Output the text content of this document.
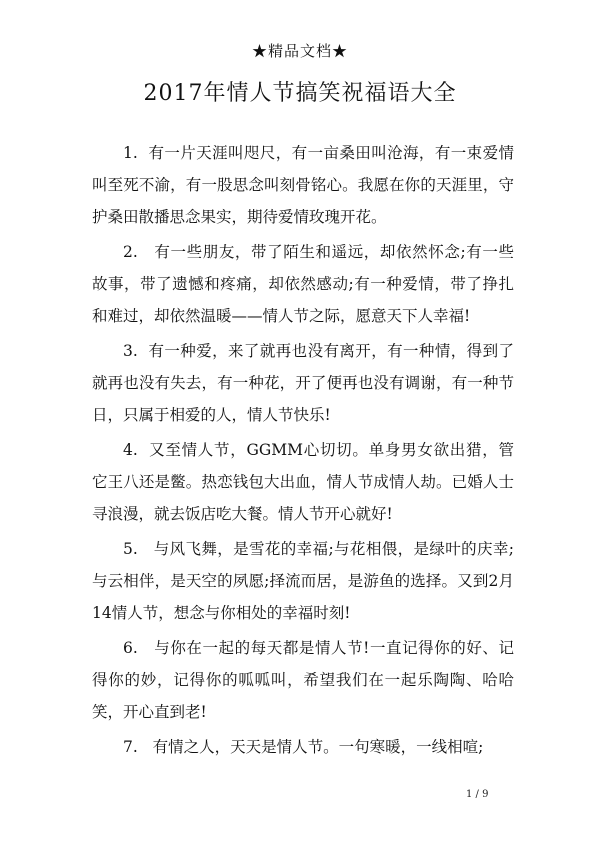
★精品文档★
2017年情人节搞笑祝福语大全

1.  有一片天涯叫咫尺，有一亩桑田叫沧海，有一束爱情叫至死不渝，有一股思念叫刻骨铭心。我愿在你的天涯里，守护桑田散播思念果实，期待爱情玫瑰开花。

2.   有一些朋友，带了陌生和遥远，却依然怀念;有一些故事，带了遗憾和疼痛，却依然感动;有一种爱情，带了挣扎和难过，却依然温暖——情人节之际，愿意天下人幸福!

3.  有一种爱，来了就再也没有离开，有一种情，得到了就再也没有失去，有一种花，开了便再也没有调谢，有一种节日，只属于相爱的人，情人节快乐!

4.  又至情人节，GGMM心切切。单身男女欲出猎，管它王八还是鳖。热恋钱包大出血，情人节成情人劫。已婚人士寻浪漫，就去饭店吃大餐。情人节开心就好!

5.   与风飞舞，是雪花的幸福;与花相偎，是绿叶的庆幸;与云相伴，是天空的夙愿;择流而居，是游鱼的选择。又到2月14情人节，想念与你相处的幸福时刻!

6.   与你在一起的每天都是情人节!一直记得你的好、记得你的妙，记得你的呱呱叫，希望我们在一起乐陶陶、哈哈笑，开心直到老!

7.   有情之人，天天是情人节。一句寒暖，一线相喧;

1 / 9
